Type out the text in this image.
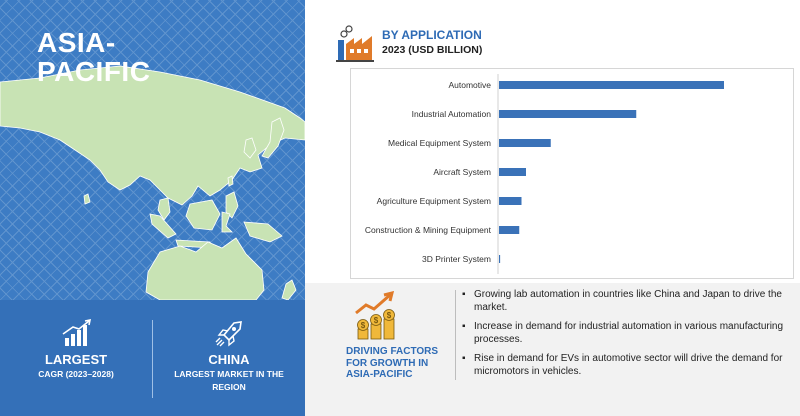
ASIA-
PACIFIC
LARGEST
CAGR (2023–2028)
CHINA
LARGEST MARKET IN THE
REGION
BY APPLICATION
2023 (USD BILLION)
Automotive
Industrial Automation
Medical Equipment System
Aircraft System
Agriculture Equipment System
Construction & Mining Equipment
3D Printer System
$
$
$
DRIVING FACTORS
FOR GROWTH IN
ASIA-PACIFIC
▪ Growing lab automation in countries like China and Japan to drive the market.
▪ Increase in demand for industrial automation in various manufacturing processes.
▪ Rise in demand for EVs in automotive sector will drive the demand for micromotors in vehicles.
